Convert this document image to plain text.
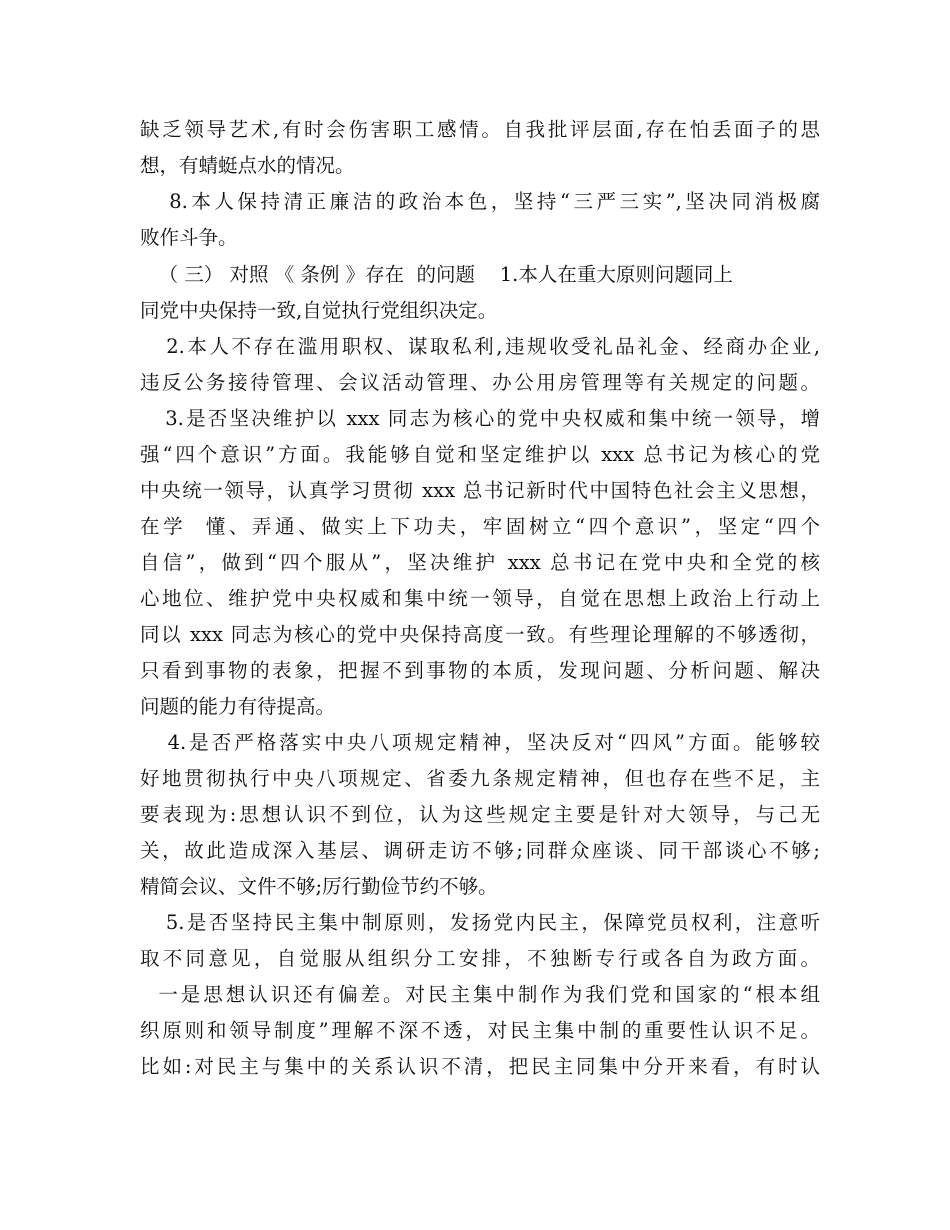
缺乏领导艺术,有时会伤害职工感情。自我批评层面,存在怕丢面子的思
想，有蜻蜓点水的情况。
8.本人保持清正廉洁的政治本色，坚持“三严三实”,坚决同消极腐
败作斗争。
（ 三） 对照 《 条例 》存在  的问题    1.本人在重大原则问题同上
同党中央保持一致,自觉执行党组织决定。
2.本人不存在滥用职权、谋取私利,违规收受礼品礼金、经商办企业,
违反公务接待管理、会议活动管理、办公用房管理等有关规定的问题。
3.是否坚决维护以 xxx 同志为核心的党中央权威和集中统一领导，增
强“四个意识”方面。我能够自觉和坚定维护以 xxx 总书记为核心的党
中央统一领导，认真学习贯彻 xxx 总书记新时代中国特色社会主义思想，
在学  懂、弄通、做实上下功夫，牢固树立“四个意识”，坚定“四个
自信”，做到“四个服从”，坚决维护 xxx 总书记在党中央和全党的核
心地位、维护党中央权威和集中统一领导，自觉在思想上政治上行动上
同以 xxx 同志为核心的党中央保持高度一致。有些理论理解的不够透彻，
只看到事物的表象，把握不到事物的本质，发现问题、分析问题、解决
问题的能力有待提高。
4.是否严格落实中央八项规定精神，坚决反对“四风”方面。能够较
好地贯彻执行中央八项规定、省委九条规定精神，但也存在些不足，主
要表现为:思想认识不到位，认为这些规定主要是针对大领导，与己无
关，故此造成深入基层、调研走访不够;同群众座谈、同干部谈心不够;
精简会议、文件不够;厉行勤俭节约不够。
5.是否坚持民主集中制原则，发扬党内民主，保障党员权利，注意听
取不同意见，自觉服从组织分工安排，不独断专行或各自为政方面。
一是思想认识还有偏差。对民主集中制作为我们党和国家的“根本组
织原则和领导制度”理解不深不透，对民主集中制的重要性认识不足。
比如:对民主与集中的关系认识不清，把民主同集中分开来看，有时认
